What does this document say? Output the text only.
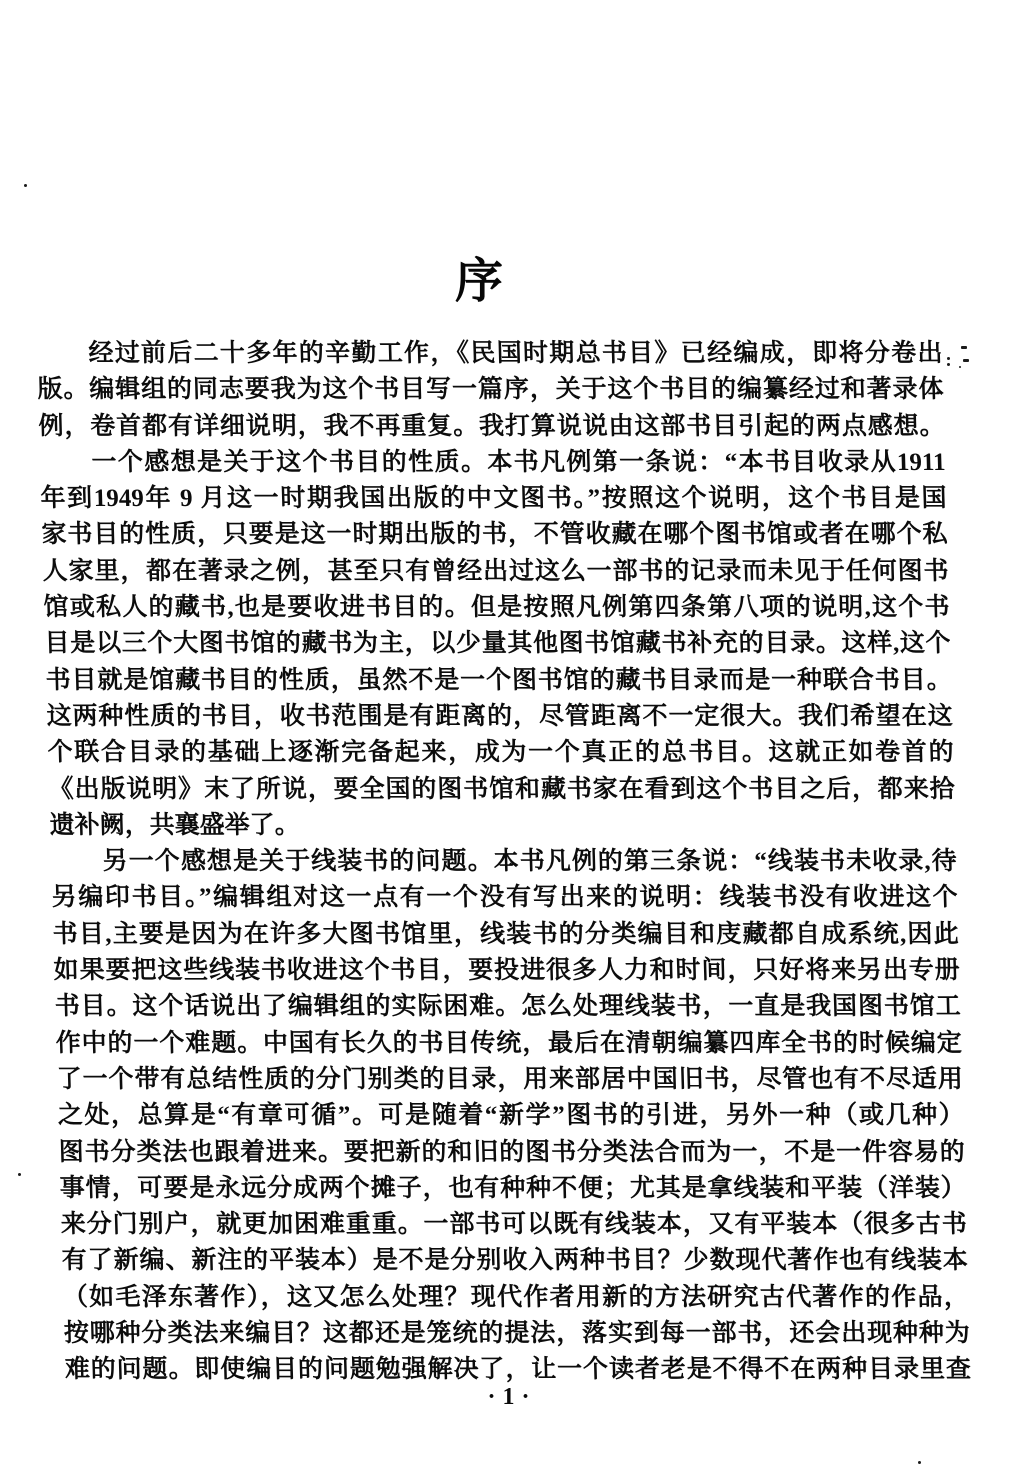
序
经过前后二十多年的辛勤工作，《民国时期总书目》已经编成，即将分卷出
版。编辑组的同志要我为这个书目写一篇序，关于这个书目的编纂经过和著录体
例，卷首都有详细说明，我不再重复。我打算说说由这部书目引起的两点感想。
一个感想是关于这个书目的性质。本书凡例第一条说：“本书目收录从1911
年到1949年 9 月这一时期我国出版的中文图书。”按照这个说明，这个书目是国
家书目的性质，只要是这一时期出版的书，不管收藏在哪个图书馆或者在哪个私
人家里，都在著录之例，甚至只有曾经出过这么一部书的记录而未见于任何图书
馆或私人的藏书,也是要收进书目的。但是按照凡例第四条第八项的说明,这个书
目是以三个大图书馆的藏书为主，以少量其他图书馆藏书补充的目录。这样,这个
书目就是馆藏书目的性质，虽然不是一个图书馆的藏书目录而是一种联合书目。
这两种性质的书目，收书范围是有距离的，尽管距离不一定很大。我们希望在这
个联合目录的基础上逐渐完备起来，成为一个真正的总书目。这就正如卷首的
《出版说明》末了所说，要全国的图书馆和藏书家在看到这个书目之后，都来拾
遗补阙，共襄盛举了。
另一个感想是关于线装书的问题。本书凡例的第三条说：“线装书未收录,待
另编印书目。”编辑组对这一点有一个没有写出来的说明：线装书没有收进这个
书目,主要是因为在许多大图书馆里，线装书的分类编目和庋藏都自成系统,因此
如果要把这些线装书收进这个书目，要投进很多人力和时间，只好将来另出专册
书目。这个话说出了编辑组的实际困难。怎么处理线装书，一直是我国图书馆工
作中的一个难题。中国有长久的书目传统，最后在清朝编纂四库全书的时候编定
了一个带有总结性质的分门别类的目录，用来部居中国旧书，尽管也有不尽适用
之处，总算是“有章可循”。可是随着“新学”图书的引进，另外一种（或几种）
图书分类法也跟着进来。要把新的和旧的图书分类法合而为一，不是一件容易的
事情，可要是永远分成两个摊子，也有种种不便；尤其是拿线装和平装（洋装）
来分门别户，就更加困难重重。一部书可以既有线装本，又有平装本（很多古书
有了新编、新注的平装本）是不是分别收入两种书目？少数现代著作也有线装本
（如毛泽东著作），这又怎么处理？现代作者用新的方法研究古代著作的作品，
按哪种分类法来编目？这都还是笼统的提法，落实到每一部书，还会出现种种为
难的问题。即使编目的问题勉强解决了，让一个读者老是不得不在两种目录里查
·1·
